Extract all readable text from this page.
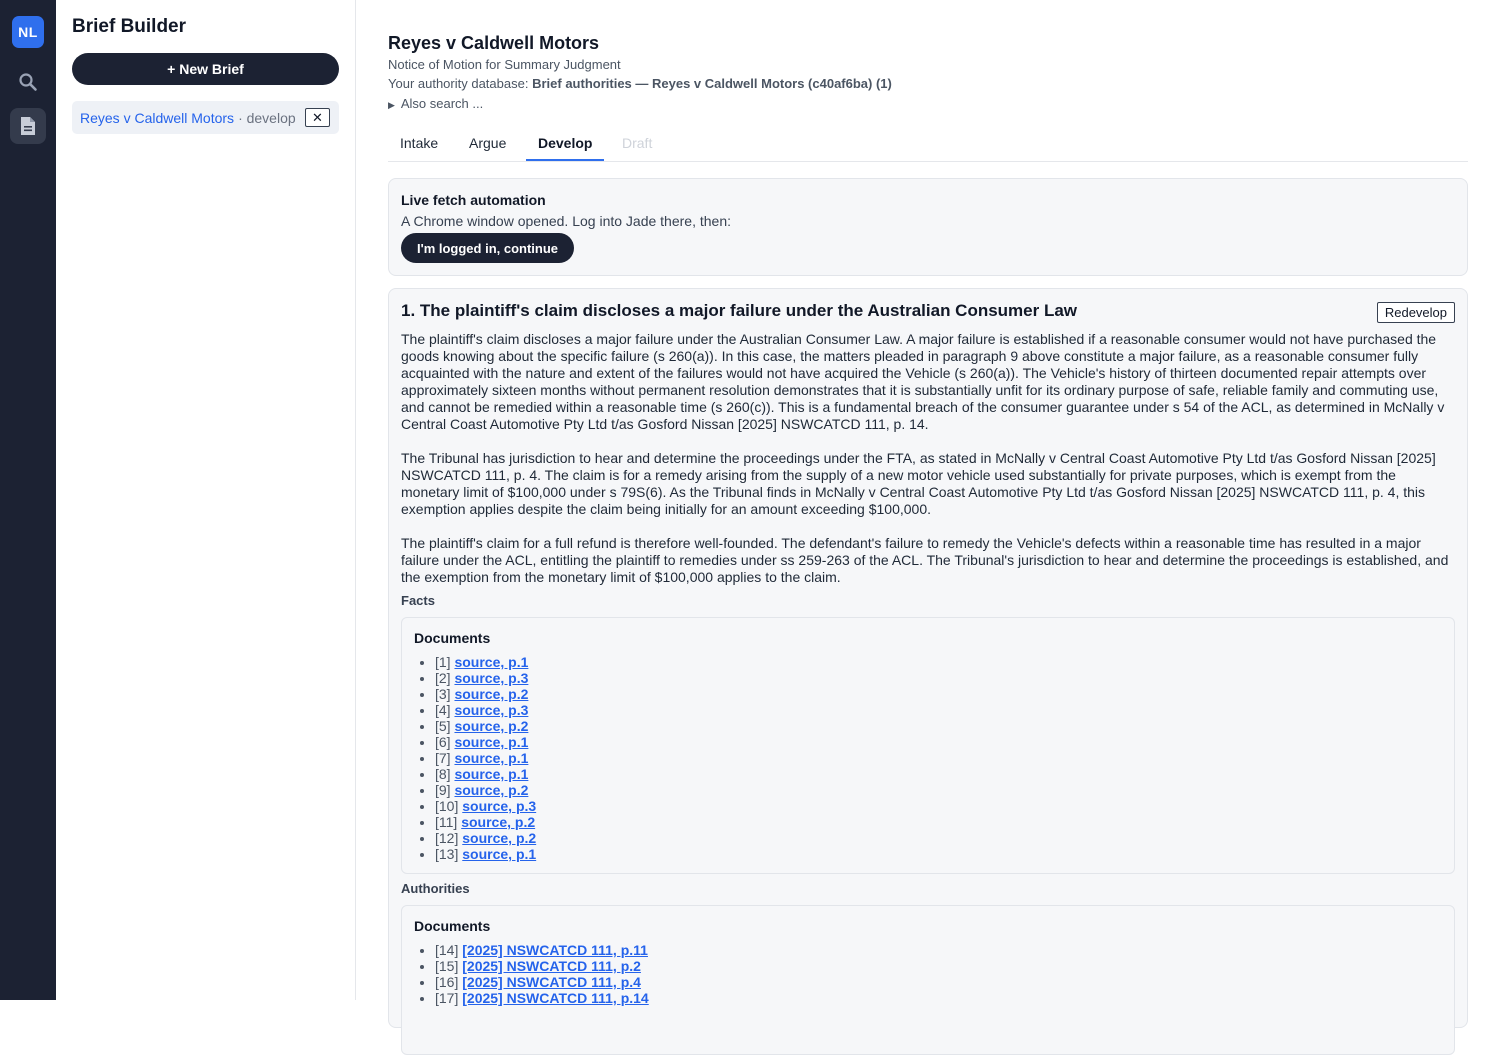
NL	Brief Builder
+ New Brief
Reyes v Caldwell Motors · develop	✕
Reyes v Caldwell Motors
Notice of Motion for Summary Judgment
Your authority database: Brief authorities — Reyes v Caldwell Motors (c40af6ba) (1)
▶ Also search ...
Intake	Argue	Develop	Draft
Live fetch automation
A Chrome window opened. Log into Jade there, then:
I'm logged in, continue
1. The plaintiff's claim discloses a major failure under the Australian Consumer Law	Redevelop

The plaintiff's claim discloses a major failure under the Australian Consumer Law. A major failure is established if a reasonable consumer would not have purchased the goods knowing about the specific failure (s 260(a)). In this case, the matters pleaded in paragraph 9 above constitute a major failure, as a reasonable consumer fully acquainted with the nature and extent of the failures would not have acquired the Vehicle (s 260(a)). The Vehicle's history of thirteen documented repair attempts over approximately sixteen months without permanent resolution demonstrates that it is substantially unfit for its ordinary purpose of safe, reliable family and commuting use, and cannot be remedied within a reasonable time (s 260(c)). This is a fundamental breach of the consumer guarantee under s 54 of the ACL, as determined in McNally v Central Coast Automotive Pty Ltd t/as Gosford Nissan [2025] NSWCATCD 111, p. 14.

The Tribunal has jurisdiction to hear and determine the proceedings under the FTA, as stated in McNally v Central Coast Automotive Pty Ltd t/as Gosford Nissan [2025] NSWCATCD 111, p. 4. The claim is for a remedy arising from the supply of a new motor vehicle used substantially for private purposes, which is exempt from the monetary limit of $100,000 under s 79S(6). As the Tribunal finds in McNally v Central Coast Automotive Pty Ltd t/as Gosford Nissan [2025] NSWCATCD 111, p. 4, this exemption applies despite the claim being initially for an amount exceeding $100,000.

The plaintiff's claim for a full refund is therefore well-founded. The defendant's failure to remedy the Vehicle's defects within a reasonable time has resulted in a major failure under the ACL, entitling the plaintiff to remedies under ss 259-263 of the ACL. The Tribunal's jurisdiction to hear and determine the proceedings is established, and the exemption from the monetary limit of $100,000 applies to the claim.

Facts
Documents
• [1] source, p.1
• [2] source, p.3
• [3] source, p.2
• [4] source, p.3
• [5] source, p.2
• [6] source, p.1
• [7] source, p.1
• [8] source, p.1
• [9] source, p.2
• [10] source, p.3
• [11] source, p.2
• [12] source, p.2
• [13] source, p.1
Authorities
Documents
• [14] [2025] NSWCATCD 111, p.11
• [15] [2025] NSWCATCD 111, p.2
• [16] [2025] NSWCATCD 111, p.4
• [17] [2025] NSWCATCD 111, p.14
